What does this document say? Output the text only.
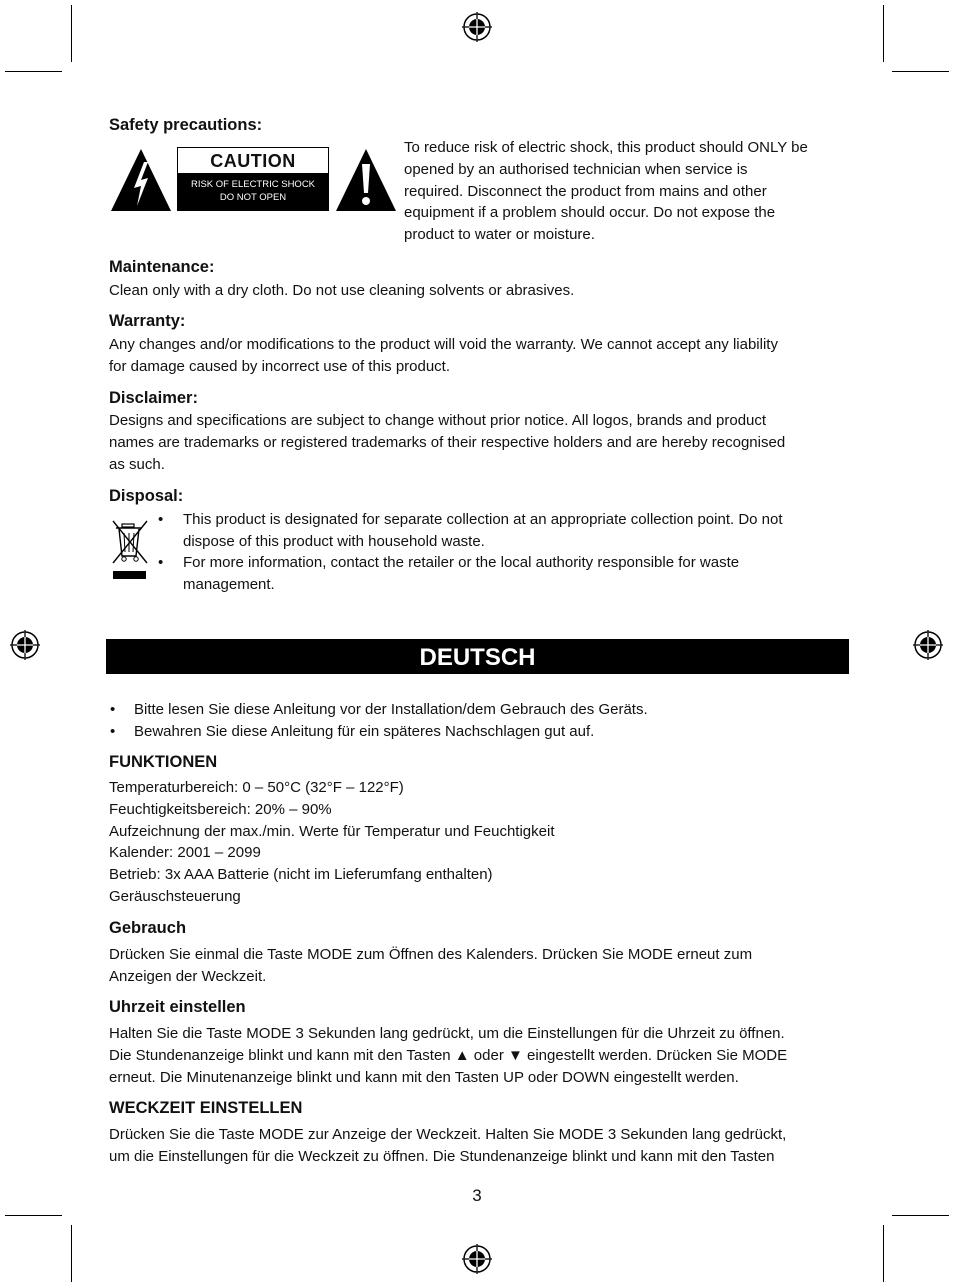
Safety precautions:
CAUTION
RISK OF ELECTRIC SHOCK
DO NOT OPEN
To reduce risk of electric shock, this product should ONLY be
opened by an authorised technician when service is
required. Disconnect the product from mains and other
equipment if a problem should occur. Do not expose the
product to water or moisture.
Maintenance:
Clean only with a dry cloth. Do not use cleaning solvents or abrasives.
Warranty:
Any changes and/or modifications to the product will void the warranty. We cannot accept any liability
for damage caused by incorrect use of this product.
Disclaimer:
Designs and specifications are subject to change without prior notice. All logos, brands and product
names are trademarks or registered trademarks of their respective holders and are hereby recognised
as such.
Disposal:
• This product is designated for separate collection at an appropriate collection point. Do not
dispose of this product with household waste.
• For more information, contact the retailer or the local authority responsible for waste
management.
DEUTSCH
• Bitte lesen Sie diese Anleitung vor der Installation/dem Gebrauch des Geräts.
• Bewahren Sie diese Anleitung für ein späteres Nachschlagen gut auf.
FUNKTIONEN
Temperaturbereich: 0 – 50°C (32°F – 122°F)
Feuchtigkeitsbereich: 20% – 90%
Aufzeichnung der max./min. Werte für Temperatur und Feuchtigkeit
Kalender: 2001 – 2099
Betrieb: 3x AAA Batterie (nicht im Lieferumfang enthalten)
Geräuschsteuerung
Gebrauch
Drücken Sie einmal die Taste MODE zum Öffnen des Kalenders. Drücken Sie MODE erneut zum
Anzeigen der Weckzeit.
Uhrzeit einstellen
Halten Sie die Taste MODE 3 Sekunden lang gedrückt, um die Einstellungen für die Uhrzeit zu öffnen.
Die Stundenanzeige blinkt und kann mit den Tasten ▲ oder ▼ eingestellt werden. Drücken Sie MODE
erneut. Die Minutenanzeige blinkt und kann mit den Tasten UP oder DOWN eingestellt werden.
WECKZEIT EINSTELLEN
Drücken Sie die Taste MODE zur Anzeige der Weckzeit. Halten Sie MODE 3 Sekunden lang gedrückt,
um die Einstellungen für die Weckzeit zu öffnen. Die Stundenanzeige blinkt und kann mit den Tasten
3
